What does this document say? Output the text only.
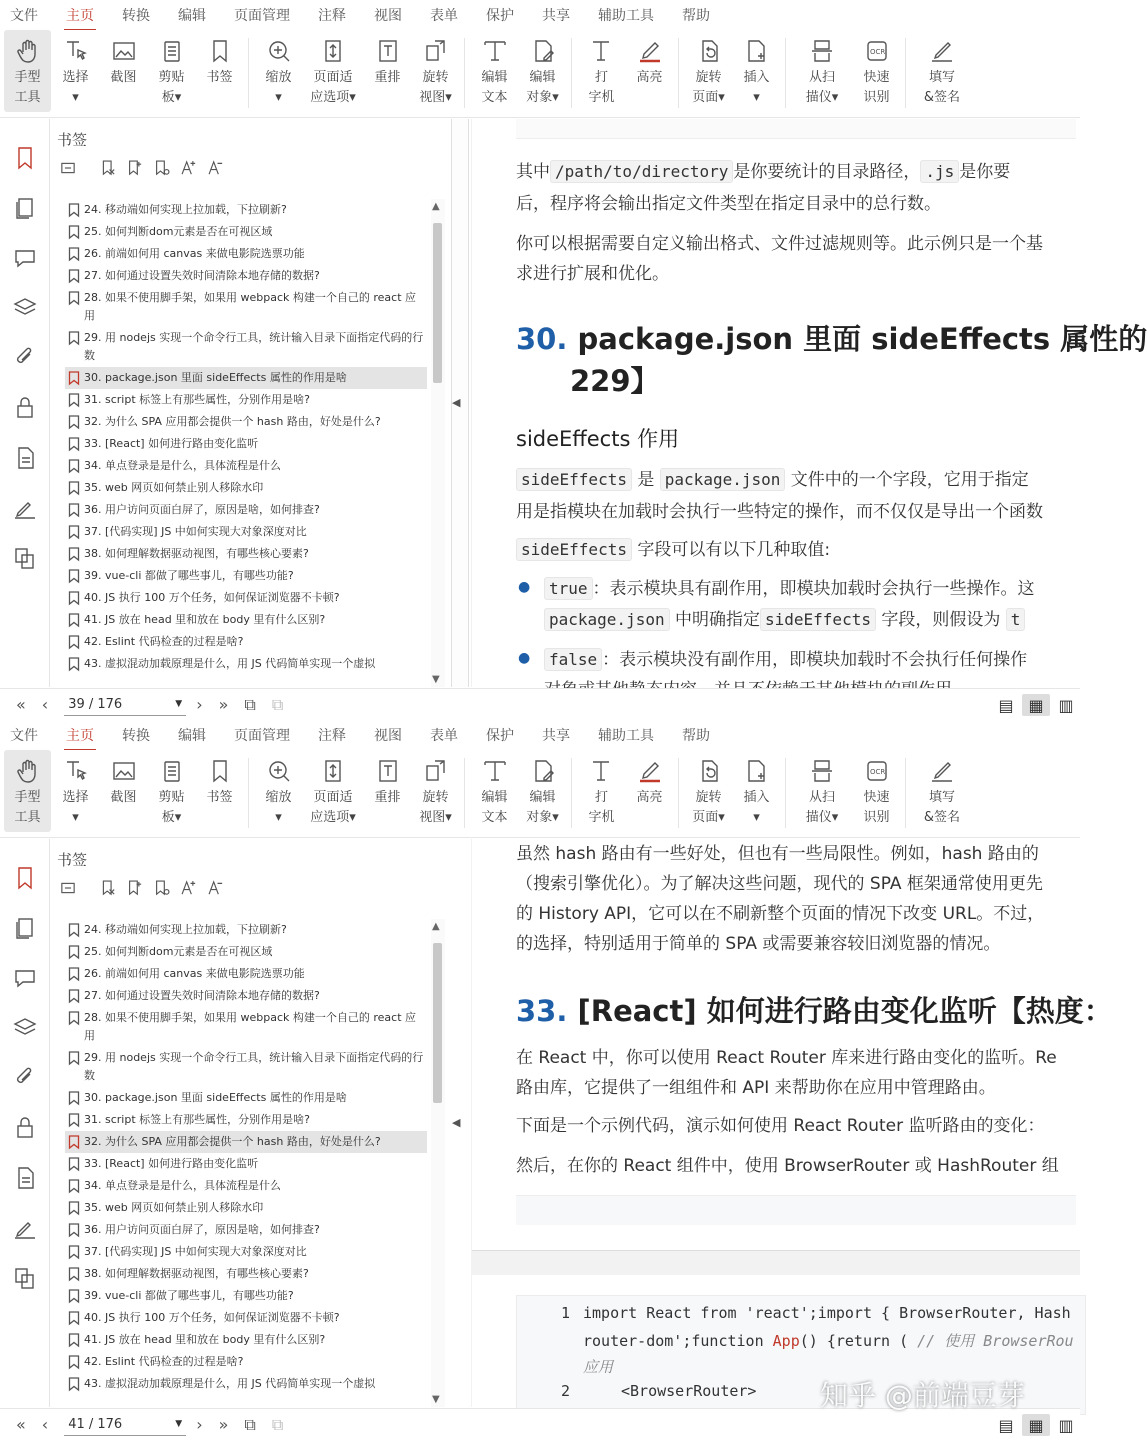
文件 主页 转换 编辑 页面管理 注释 视图 表单 保护 共享 辅助工具 帮助
手型
工具
选择
▾
截图 剪贴
板▾
书签	缩放
▾
页面适
应选项▾
重排 旋转
视图▾
编辑
文本
编辑
对象▾
打
字机
高亮	旋转
页面▾
插入
▾
从扫
描仪▾
OCR
快速
识别
填写
&签名
书签
24. 移动端如何实现上拉加载，下拉刷新?
25. 如何判断dom元素是否在可视区域
26. 前端如何用 canvas 来做电影院选票功能
27. 如何通过设置失效时间清除本地存储的数据?
28. 如果不使用脚手架，如果用 webpack 构建一个自己的 react 应用
29. 用 nodejs 实现一个命令行工具，统计输入目录下面指定代码的行数
30. package.json 里面 sideEffects 属性的作用是啥
31. script 标签上有那些属性，分别作用是啥?
32. 为什么 SPA 应用都会提供一个 hash 路由，好处是什么?
33. [React] 如何进行路由变化监听
34. 单点登录是是什么，具体流程是什么
35. web 网页如何禁止别人移除水印
36. 用户访问页面白屏了，原因是啥，如何排查?
37. [代码实现] JS 中如何实现大对象深度对比
38. 如何理解数据驱动视图，有哪些核心要素?
39. vue-cli 都做了哪些事儿，有哪些功能?
40. JS 执行 100 万个任务，如何保证浏览器不卡顿?
41. JS 放在 head 里和放在 body 里有什么区别?
42. Eslint 代码检查的过程是啥?
43. 虚拟混动加载原理是什么，用 JS 代码简单实现一个虚拟
▲
▼
其中 /path/to/directory 是你要统计的目录路径， .js 是你要
后，程序将会输出指定文件类型在指定目录中的总行数。
你可以根据需要自定义输出格式、文件过滤规则等。此示例只是一个基
求进行扩展和优化。
30. package.json 里面 sideEffects 属性的
229】
sideEffects 作用
sideEffects 是 package.json 文件中的一个字段，它用于指定
用是指模块在加载时会执行一些特定的操作，而不仅仅是导出一个函数
sideEffects 字段可以有以下几种取值:
●	true ：表示模块具有副作用，即模块加载时会执行一些操作。这
package.json 中明确指定 sideEffects 字段，则假设为 t
●	false ：表示模块没有副作用，即模块加载时不会执行任何操作
« ‹ 39 / 176	▼ › » ⧉ ⧉	▤ ▦ ▥
◀
文件 主页 转换 编辑 页面管理 注释 视图 表单 保护 共享 辅助工具 帮助
手型
工具
选择
▾
截图 剪贴
板▾
书签	缩放
▾
页面适
应选项▾
重排 旋转
视图▾
编辑
文本
编辑
对象▾
打
字机
高亮	旋转
页面▾
插入
▾
从扫
描仪▾
OCR
快速
识别
填写
&签名
书签
24. 移动端如何实现上拉加载，下拉刷新?
25. 如何判断dom元素是否在可视区域
26. 前端如何用 canvas 来做电影院选票功能
27. 如何通过设置失效时间清除本地存储的数据?
28. 如果不使用脚手架，如果用 webpack 构建一个自己的 react 应用
29. 用 nodejs 实现一个命令行工具，统计输入目录下面指定代码的行数
30. package.json 里面 sideEffects 属性的作用是啥
31. script 标签上有那些属性，分别作用是啥?
32. 为什么 SPA 应用都会提供一个 hash 路由，好处是什么?
33. [React] 如何进行路由变化监听
34. 单点登录是是什么，具体流程是什么
35. web 网页如何禁止别人移除水印
36. 用户访问页面白屏了，原因是啥，如何排查?
37. [代码实现] JS 中如何实现大对象深度对比
38. 如何理解数据驱动视图，有哪些核心要素?
39. vue-cli 都做了哪些事儿，有哪些功能?
40. JS 执行 100 万个任务，如何保证浏览器不卡顿?
41. JS 放在 head 里和放在 body 里有什么区别?
42. Eslint 代码检查的过程是啥?
43. 虚拟混动加载原理是什么，用 JS 代码简单实现一个虚拟
▲
▼
虽然 hash 路由有一些好处，但也有一些局限性。例如，hash 路由的
（搜索引擎优化）。为了解决这些问题，现代的 SPA 框架通常使用更先
的 History API，它可以在不刷新整个页面的情况下改变 URL。不过，
的选择，特别适用于简单的 SPA 或需要兼容较旧浏览器的情况。
33. [React] 如何进行路由变化监听【热度：
在 React 中，你可以使用 React Router 库来进行路由变化的监听。Re
路由库，它提供了一组组件和 API 来帮助你在应用中管理路由。
下面是一个示例代码，演示如何使用 React Router 监听路由的变化：
然后，在你的 React 组件中，使用 BrowserRouter 或 HashRouter 组
1 import React from 'react';import { BrowserRouter, Hash
router-dom';function App() {return ( // 使用 BrowserRou
应用
2	<BrowserRouter>
« ‹ 41 / 176	▼ › » ⧉ ⧉	▤ ▦ ▥
◀
知乎 @前端豆芽
